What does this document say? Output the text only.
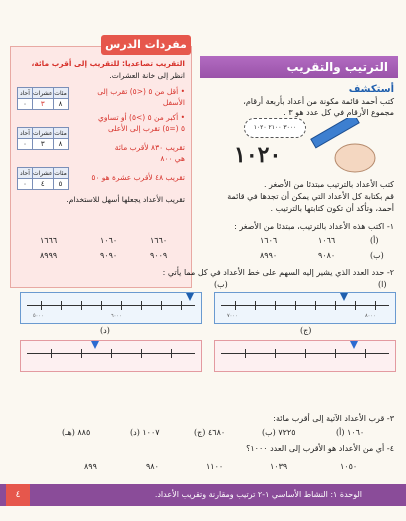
مفردات الدرس
التقريب تصاعديا: للتقريب إلى أقرب مائة،
انظر إلى خانة العشرات.
• أقل من ٥ (<٥) تقرب إلى
الأسفل
• أكبر من ٥ (>٥) أو تساوي
٥ (=٥) تقرب إلى الأعلى
تقريب ٨٣٠ لأقرب مائة
هي ٨٠٠
تقريب ٤٨ لأقرب عشرة هو ٥٠
تقريب الأعداد يجعلها أسهل للاستخدام.
آحاد	عشرات	مئات
٠	٣	٨
آحاد	عشرات	مئات
٠	٣	٨
آحاد	عشرات	مئات
٠	٤	٥
الترتيب والتقريب
أستكشف
كتب أحمد قائمة مكونة من أعداد بأربعة أرقام،
مجموع الأرقام في كل عدد هو ٣ .
٣٠٠٠ ٢١٠٠ ١٠٢٠
١٠٢٠
كتب الأعداد بالترتيب مبتدئا من الأصغر .
قم بكتابة كل الأعداد التي يمكن أن تجدها في قائمة
أحمد، وتأكد أن تكون كتابتها بالترتيب .
١- اكتب هذه الأعداد بالترتيب، مبتدئا من الأصغر :
(أ)
١٠٦٦
١٦٠٦
١٦٦٠
١٠٦٠
١٦٦٦
(ب)
٩٠٨٠
٨٩٩٠
٩٠٠٩
٩٠٩٠
٨٩٩٩
٢- حدد العدد الذي يشير إليه السهم على خط الأعداد في كل مما يأتي :
(ب)	(ا)
٥٠٠٠	٦٠٠٠	٧٠٠٠	٨٠٠٠
(د)	(ج)
٣- قرب الأعداد الآتية إلى أقرب مائة:
(أ) ١٠٦٠
(ب) ٧٢٢٥
(ج) ٤٦٨٠
(د) ١٠٠٧
(هـ) ٨٨٥
٤- أي من الأعداد هو الأقرب إلى العدد ١٠٠٠؟
١٠٥٠
١٠٣٩
١١٠٠
٩٨٠
٨٩٩
الوحدة ١: النشاط الأساسي ١-٢ ترتيب ومقارنة وتقريب الأعداد.
٤
